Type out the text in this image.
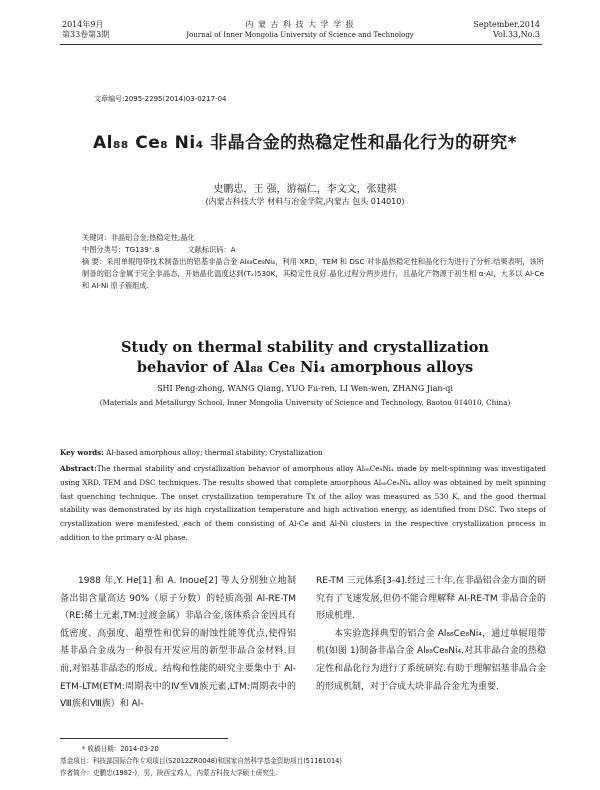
2014年9月
第33卷第3期
内 蒙 古 科 技 大 学 学 报
Journal of Inner Mongolia University of Science and Technology
September,2014
Vol.33,No.3
文章编号:2095-2295(2014)03-0217-04
Al₈₈ Ce₈ Ni₄ 非晶合金的热稳定性和晶化行为的研究*
史鹏忠，王 强，游福仁，李文文，张建祺
(内蒙古科技大学 材料与冶金学院,内蒙古 包头 014010)
关键词：非晶铝合金;热稳定性;晶化
中图分类号：TG139⁺.8	文献标识码：A
摘 要：采用单辊甩带技术制备出的铝基非晶合金 Al₈₈Ce₈Ni₄，利用 XRD，TEM 和 DSC 对非晶热稳定性和晶化行为进行了分析.结果表明，该所制备的铝合金属于完全非晶态，开始晶化温度达到(Tₓ)530K，其稳定性良好.晶化过程分两步进行，且晶化产物源于初生相 α-Al，大多以 Al-Ce 和 Al-Ni 原子簇组成.
Study on thermal stability and crystallization
behavior of Al₈₈ Ce₈ Ni₄ amorphous alloys
SHI Peng-zhong, WANG Qiang, YUO Fu-ren, LI Wen-wen, ZHANG Jian-qi
(Materials and Metallurgy School, Inner Mongolia University of Science and Technology, Baotou 014010, China)
Key words: Al-based amorphous alloy; thermal stability; Crystallization
Abstract:The thermal stability and crystallization behavior of amorphous alloy Al₈₈Ce₈Ni₄ made by melt-spinning was investigated using XRD, TEM and DSC techniques. The results showed that complete amorphous Al₈₈Ce₈Ni₄ alloy was obtained by melt spinning fast quenching technique. The onset crystallization temperature Tx of the alloy was measured as 530 K, and the good thermal stability was demonstrated by its high crystallization temperature and high activation energy, as identified from DSC. Two steps of crystallization were manifested, each of them consisting of Al-Ce and Al-Ni clusters in the respective crystallization process in addition to the primary α-Al phase.
1988 年,Y. He[1] 和 A. Inoue[2] 等人分别独立地制备出铝含量高达 90%（原子分数）的轻质高强 Al-RE-TM（RE:稀土元素,TM:过渡金属）非晶合金,该体系合金因具有低密度、高强度、超塑性和优异的耐蚀性能等优点,使得铝基非晶合金成为一种很有开发应用的新型非晶合金材料.目前,对铝基非晶态的形成、结构和性能的研究主要集中于 Al-ETM-LTM(ETM:周期表中的Ⅳ至Ⅶ族元素,LTM:周期表中的Ⅷ族和Ⅷ族）和 Al-
RE-TM 三元体系[3-4].经过三十年,在非晶铝合金方面的研究有了飞速发展,但仍不能合理解释 Al-RE-TM 非晶合金的形成机理.
本实验选择典型的铝合金 Al₈₈Ce₈Ni₄，通过单辊甩带机(如图 1)制备非晶合金 Al₈₈Ce₈Ni₄.对其非晶合金的热稳定性和晶化行为进行了系统研究.有助于理解铝基非晶合金的形成机制，对于合成大块非晶合金尤为重要.
* 收稿日期：2014-03-20
基金项目：科技部国际合作专项项目(S2012ZR0048)和国家自然科学基金资助项目(51161014)
作者简介：史鹏忠(1982-)，男，陕西宝鸡人，内蒙古科技大学硕士研究生.
